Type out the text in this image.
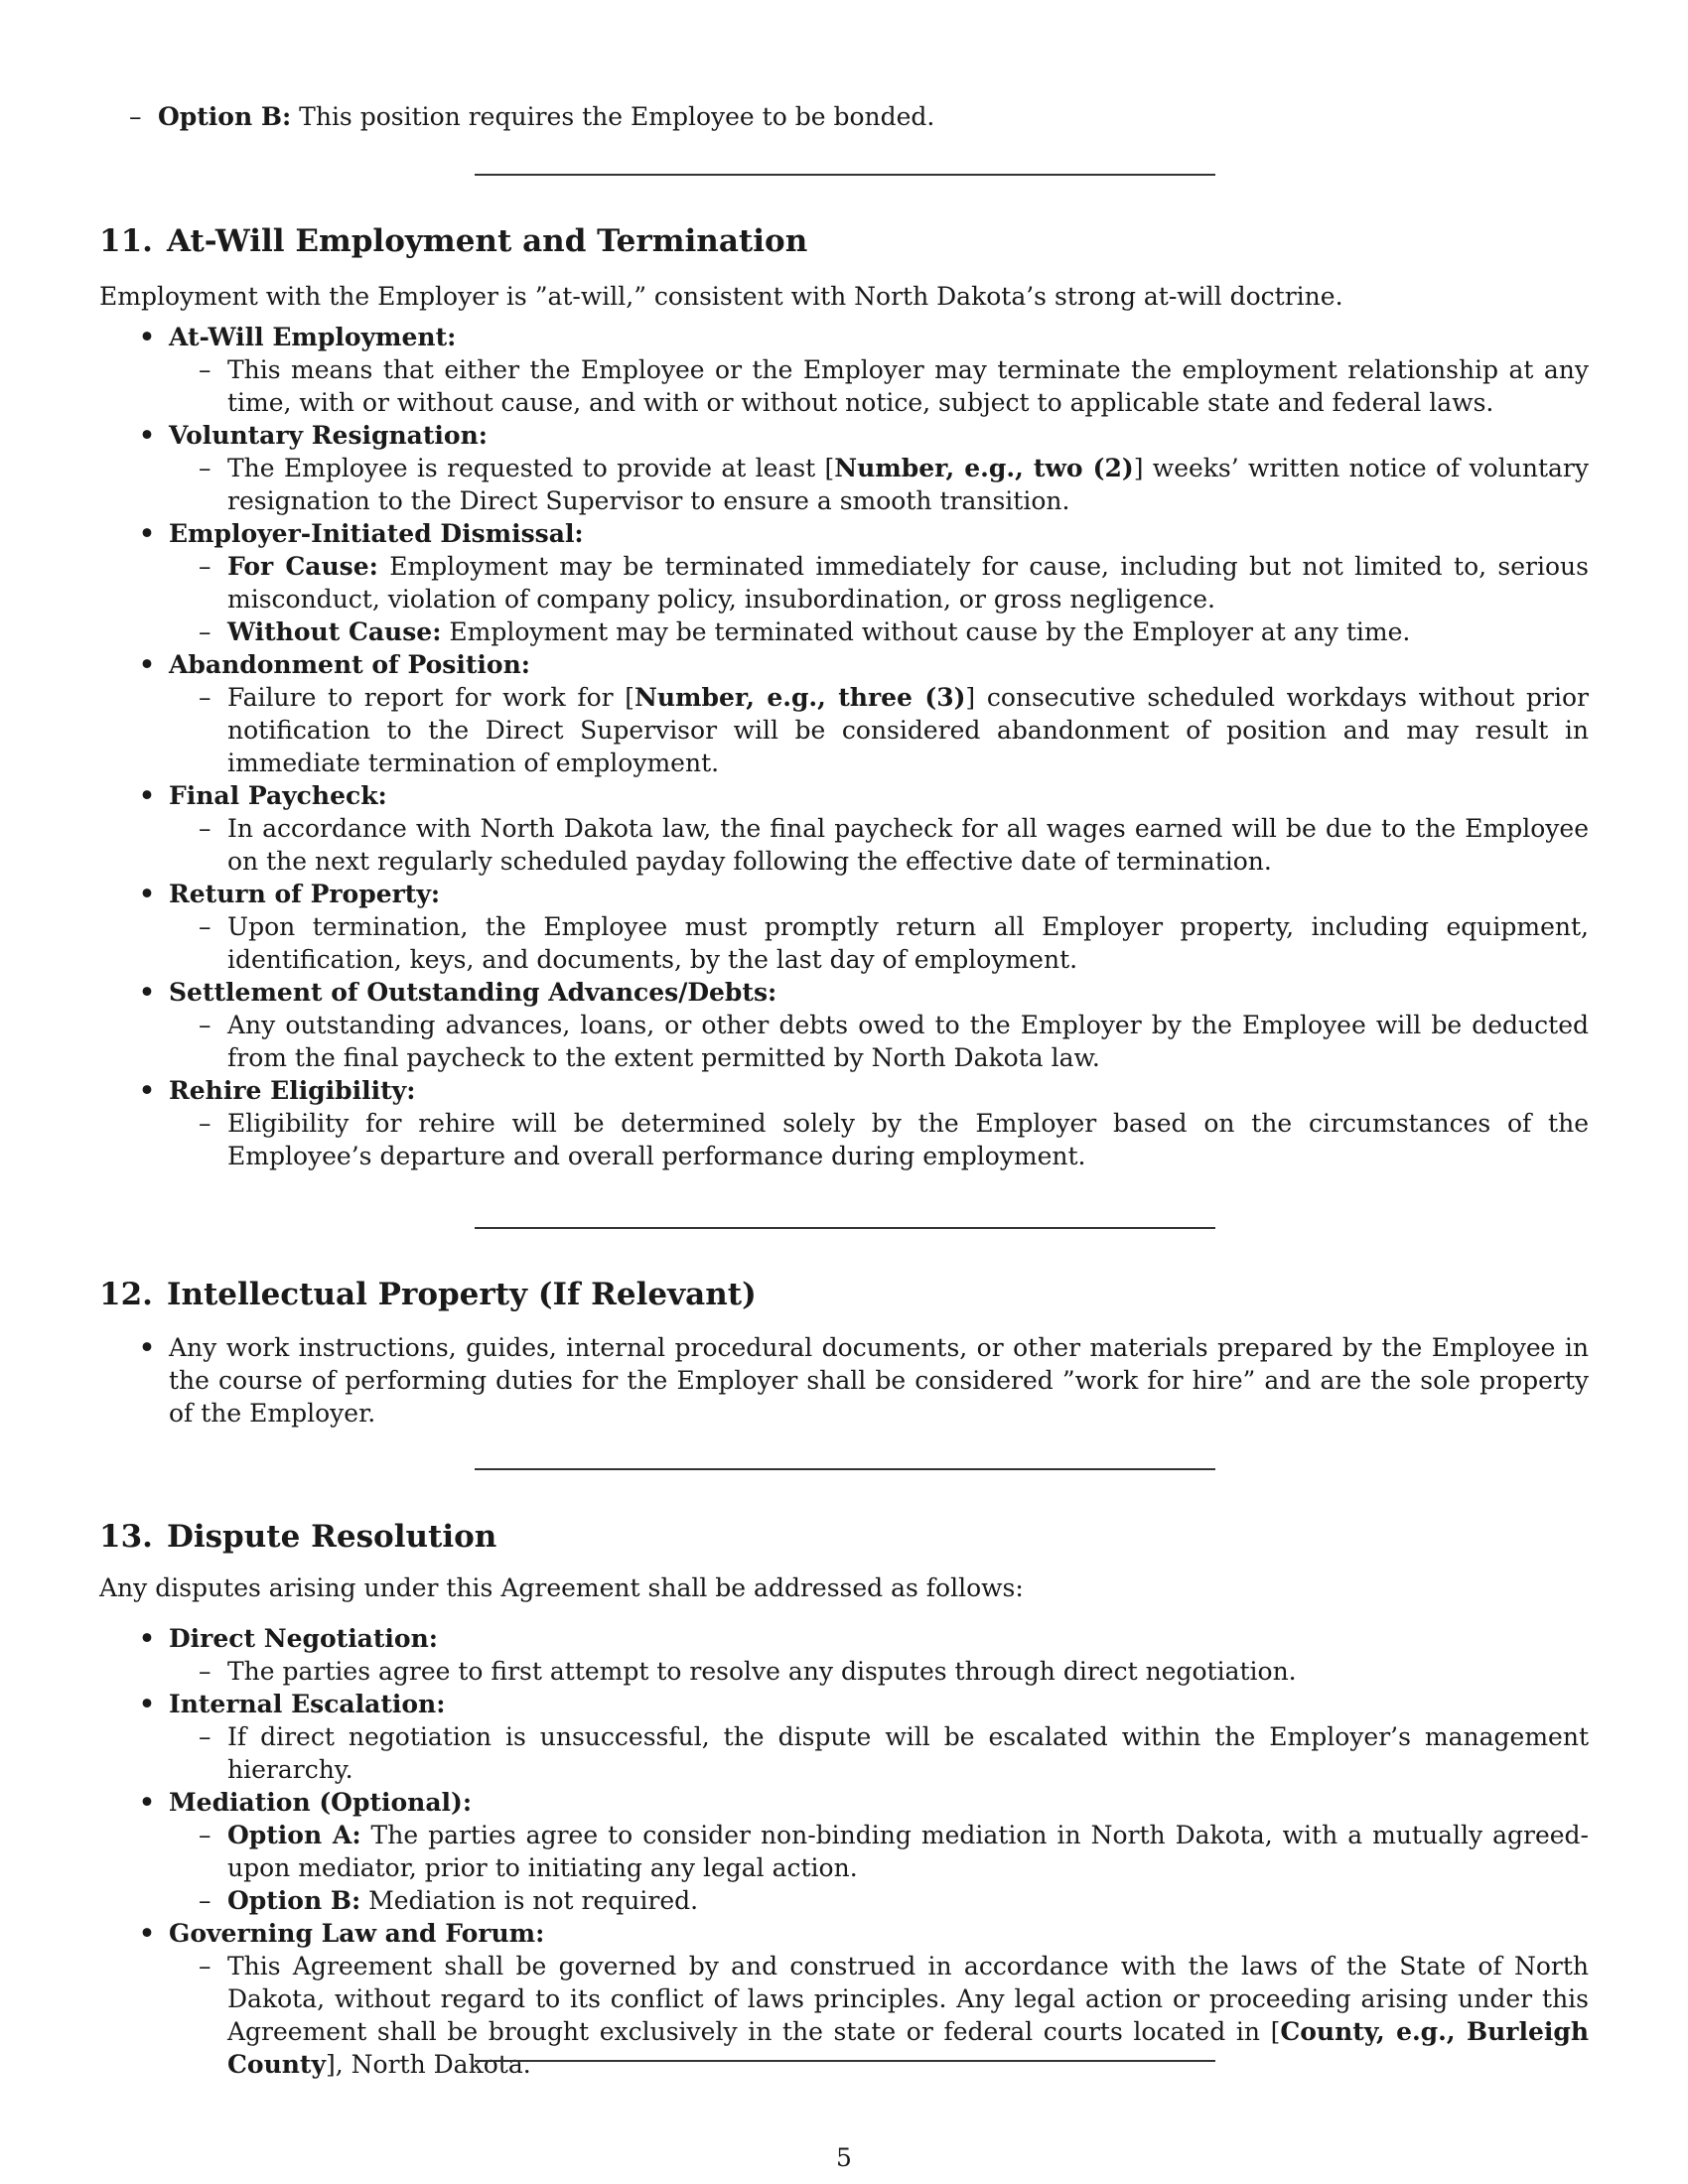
– Option B: This position requires the Employee to be bonded.
11. At-Will Employment and Termination

Employment with the Employer is ”at-will,” consistent with North Dakota’s strong at-will doctrine.

• At-Will Employment:
– This means that either the Employee or the Employer may terminate the employment relationship at any time, with or without cause, and with or without notice, subject to applicable state and federal laws.
• Voluntary Resignation:
– The Employee is requested to provide at least [Number, e.g., two (2)] weeks’ written notice of voluntary resignation to the Direct Supervisor to ensure a smooth transition.
• Employer-Initiated Dismissal:
– For Cause: Employment may be terminated immediately for cause, including but not limited to, serious misconduct, violation of company policy, insubordination, or gross negligence.
– Without Cause: Employment may be terminated without cause by the Employer at any time.
• Abandonment of Position:
– Failure to report for work for [Number, e.g., three (3)] consecutive scheduled workdays without prior notification to the Direct Supervisor will be considered abandonment of position and may result in immediate termination of employment.
• Final Paycheck:
– In accordance with North Dakota law, the final paycheck for all wages earned will be due to the Employee on the next regularly scheduled payday following the effective date of termination.
• Return of Property:
– Upon termination, the Employee must promptly return all Employer property, including equipment, identification, keys, and documents, by the last day of employment.
• Settlement of Outstanding Advances/Debts:
– Any outstanding advances, loans, or other debts owed to the Employer by the Employee will be deducted from the final paycheck to the extent permitted by North Dakota law.
• Rehire Eligibility:
– Eligibility for rehire will be determined solely by the Employer based on the circumstances of the Employee’s departure and overall performance during employment.
12. Intellectual Property (If Relevant)
• Any work instructions, guides, internal procedural documents, or other materials prepared by the Employee in the course of performing duties for the Employer shall be considered ”work for hire” and are the sole property of the Employer.
13. Dispute Resolution

Any disputes arising under this Agreement shall be addressed as follows:

• Direct Negotiation:
– The parties agree to first attempt to resolve any disputes through direct negotiation.
• Internal Escalation:
– If direct negotiation is unsuccessful, the dispute will be escalated within the Employer’s management hierarchy.
• Mediation (Optional):
– Option A: The parties agree to consider non-binding mediation in North Dakota, with a mutually agreed-upon mediator, prior to initiating any legal action.
– Option B: Mediation is not required.
• Governing Law and Forum:
– This Agreement shall be governed by and construed in accordance with the laws of the State of North Dakota, without regard to its conflict of laws principles. Any legal action or proceeding arising under this Agreement shall be brought exclusively in the state or federal courts located in [County, e.g., Burleigh County], North Dakota.
5
